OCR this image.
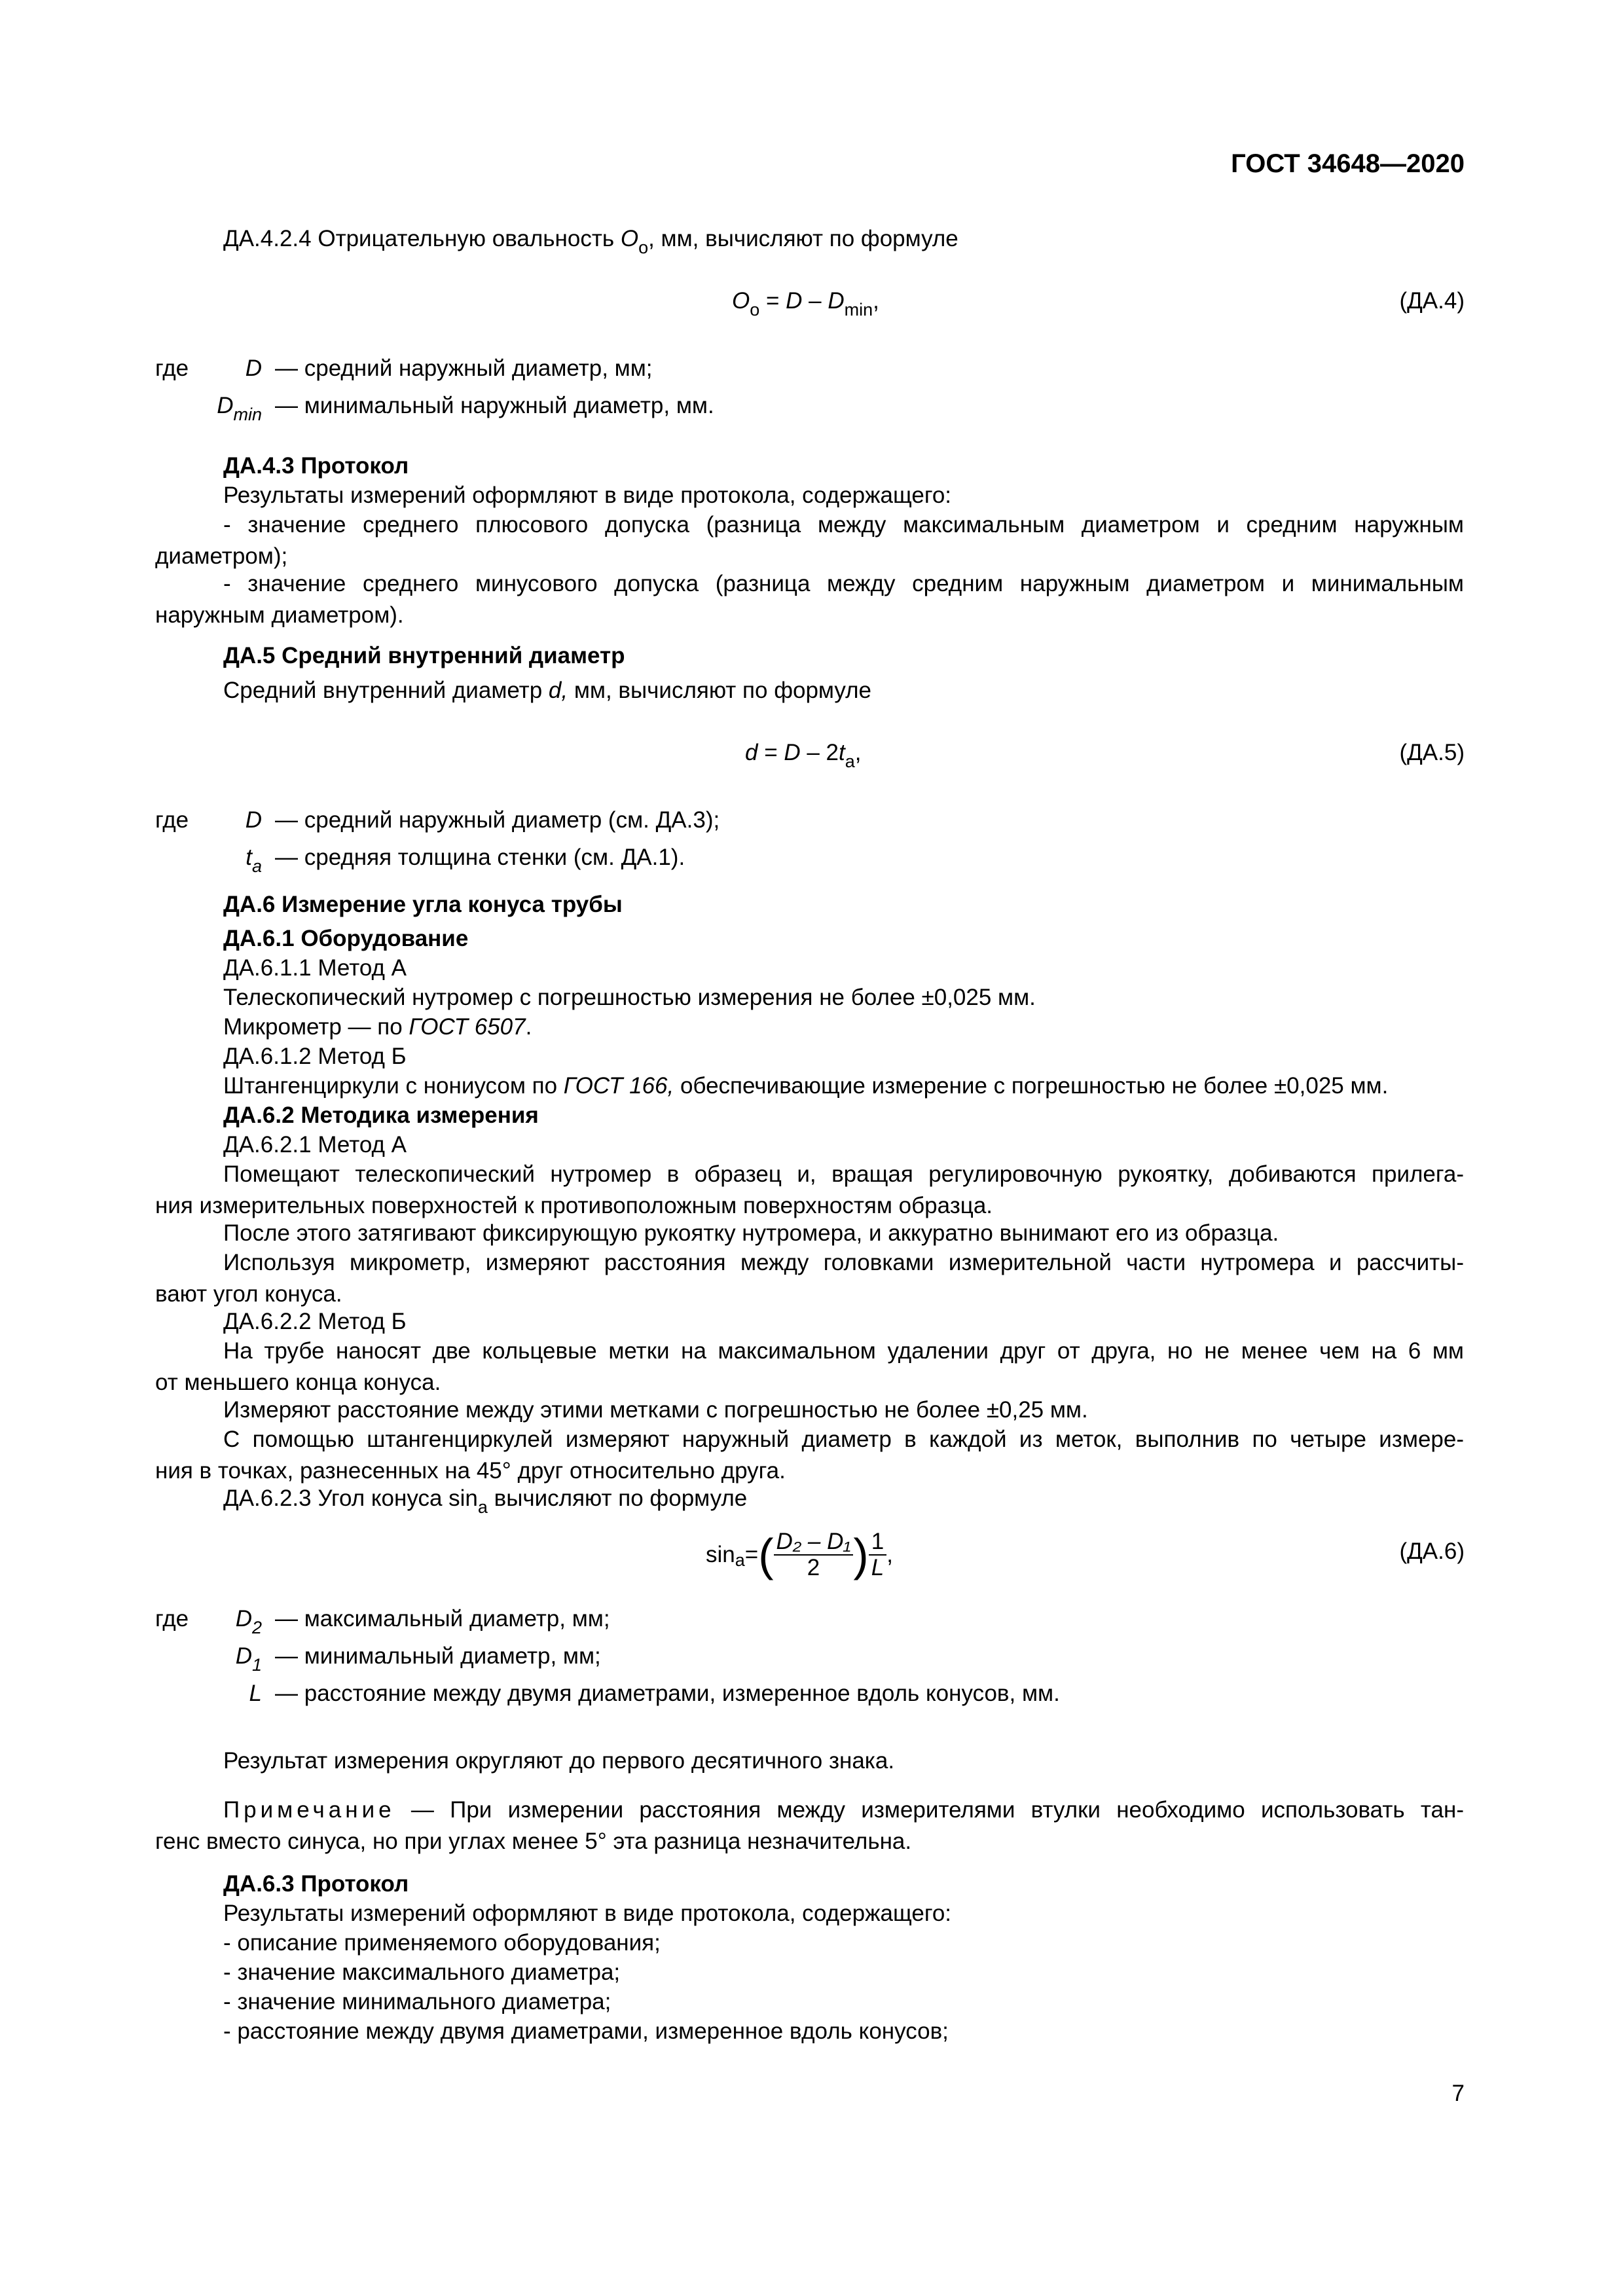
ГОСТ 34648—2020
ДА.4.2.4 Отрицательную овальность $O_o$, мм, вычисляют по формуле
$O_o = D - D_{min}$,	(ДА.4)
где	D — средний наружный диаметр, мм;
$D_{min}$ — минимальный наружный диаметр, мм.
ДА.4.3 Протокол
Результаты измерений оформляют в виде протокола, содержащего:
- значение среднего плюсового допуска (разница между максимальным диаметром и средним наружным
диаметром);
- значение среднего минусового допуска (разница между средним наружным диаметром и минимальным
наружным диаметром).
ДА.5 Средний внутренний диаметр
Средний внутренний диаметр d, мм, вычисляют по формуле
$d = D - 2t_a$,	(ДА.5)
где	D — средний наружный диаметр (см. ДА.3);
$t_a$ — средняя толщина стенки (см. ДА.1).
ДА.6 Измерение угла конуса трубы
ДА.6.1 Оборудование
ДА.6.1.1 Метод А
Телескопический нутромер с погрешностью измерения не более ±0,025 мм.
Микрометр — по ГОСТ 6507.
ДА.6.1.2 Метод Б
Штангенциркули с нониусом по ГОСТ 166, обеспечивающие измерение с погрешностью не более ±0,025 мм.
ДА.6.2 Методика измерения
ДА.6.2.1 Метод А
Помещают телескопический нутромер в образец и, вращая регулировочную рукоятку, добиваются прилега-
ния измерительных поверхностей к противоположным поверхностям образца.
После этого затягивают фиксирующую рукоятку нутромера, и аккуратно вынимают его из образца.
Используя микрометр, измеряют расстояния между головками измерительной части нутромера и рассчиты-
вают угол конуса.
ДА.6.2.2 Метод Б
На трубе наносят две кольцевые метки на максимальном удалении друг от друга, но не менее чем на 6 мм
от меньшего конца конуса.
Измеряют расстояние между этими метками с погрешностью не более ±0,25 мм.
С помощью штангенциркулей измеряют наружный диаметр в каждой из меток, выполнив по четыре измере-
ния в точках, разнесенных на 45° друг относительно друга.
ДА.6.2.3 Угол конуса $\sin_a$ вычисляют по формуле
sin a = ( $\frac{\text{D₂ – D₁}}{2}$ ) $\frac{1}{L}$ ,	(ДА.6)
где	$D_2$ — максимальный диаметр, мм;
$D_1$ — минимальный диаметр, мм;
L — расстояние между двумя диаметрами, измеренное вдоль конусов, мм.
Результат измерения округляют до первого десятичного знака.
Примечание — При измерении расстояния между измерителями втулки необходимо использовать тан-
генс вместо синуса, но при углах менее 5° эта разница незначительна.
ДА.6.3 Протокол
Результаты измерений оформляют в виде протокола, содержащего:
- описание применяемого оборудования;
- значение максимального диаметра;
- значение минимального диаметра;
- расстояние между двумя диаметрами, измеренное вдоль конусов;
7
